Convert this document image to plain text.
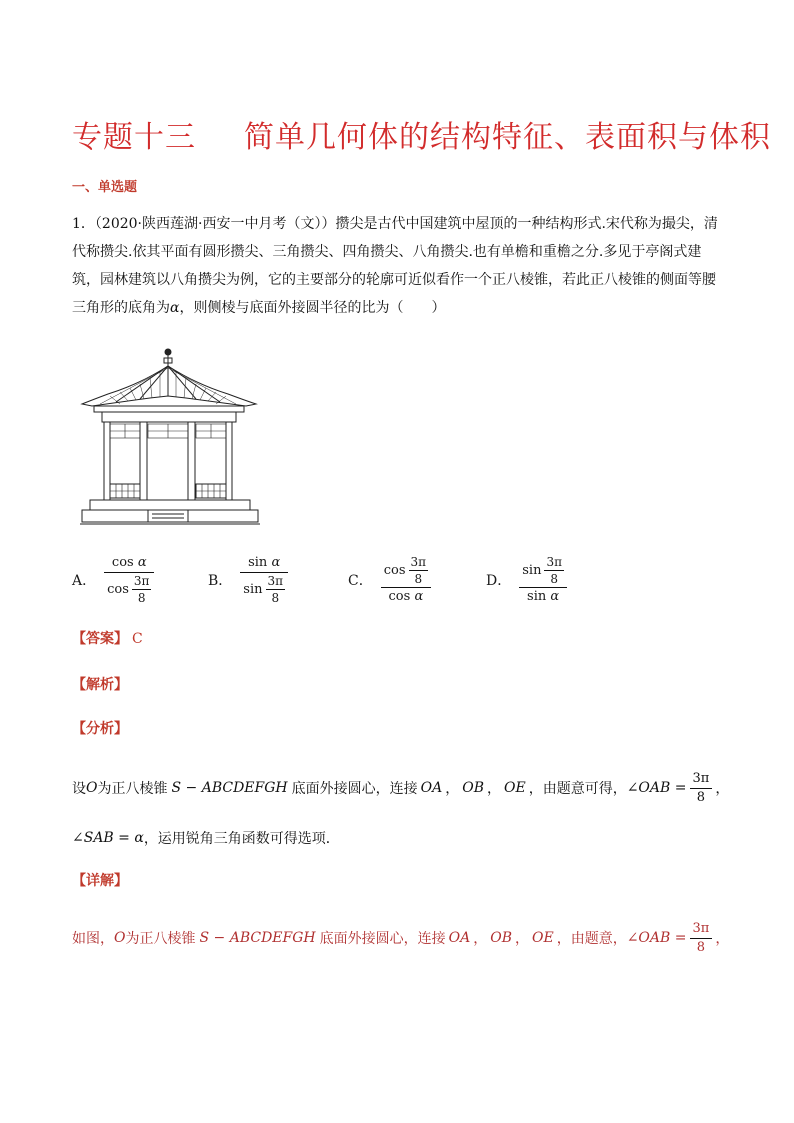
专题十三 简单几何体的结构特征、表面积与体积
一、单选题
1．（2020·陕西莲湖·西安一中月考（文））攒尖是古代中国建筑中屋顶的一种结构形式.宋代称为撮尖，清代称攒尖.依其平面有圆形攒尖、三角攒尖、四角攒尖、八角攒尖.也有单檐和重檐之分.多见于亭阁式建筑，园林建筑以八角攒尖为例，它的主要部分的轮廓可近似看作一个正八棱锥，若此正八棱锥的侧面等腰三角形的底角为α，则侧棱与底面外接圆半径的比为（　　）
A． cos
α
$\cos \frac{3\pi}{8}$	B． sin
α
$\sin \frac{3\pi}{8}$	C． $\cos \frac{3\pi}{8}$
cos
α	D． $\sin \frac{3\pi}{8}$
sin
α
【答案】 C
【解析】
【分析】
设 O 为正八棱锥 S − ABCDEFGH 底面外接圆心，连接 OA ， OB ， OE ，由题意可得， ∠OAB = $\frac{3\pi}{8}$ ，
∠SAB = α ，运用锐角三角函数可得选项．
【详解】
如图， O 为正八棱锥 S − ABCDEFGH 底面外接圆心，连接 OA ， OB ， OE ，由题意， ∠OAB = $\frac{3\pi}{8}$ ，
